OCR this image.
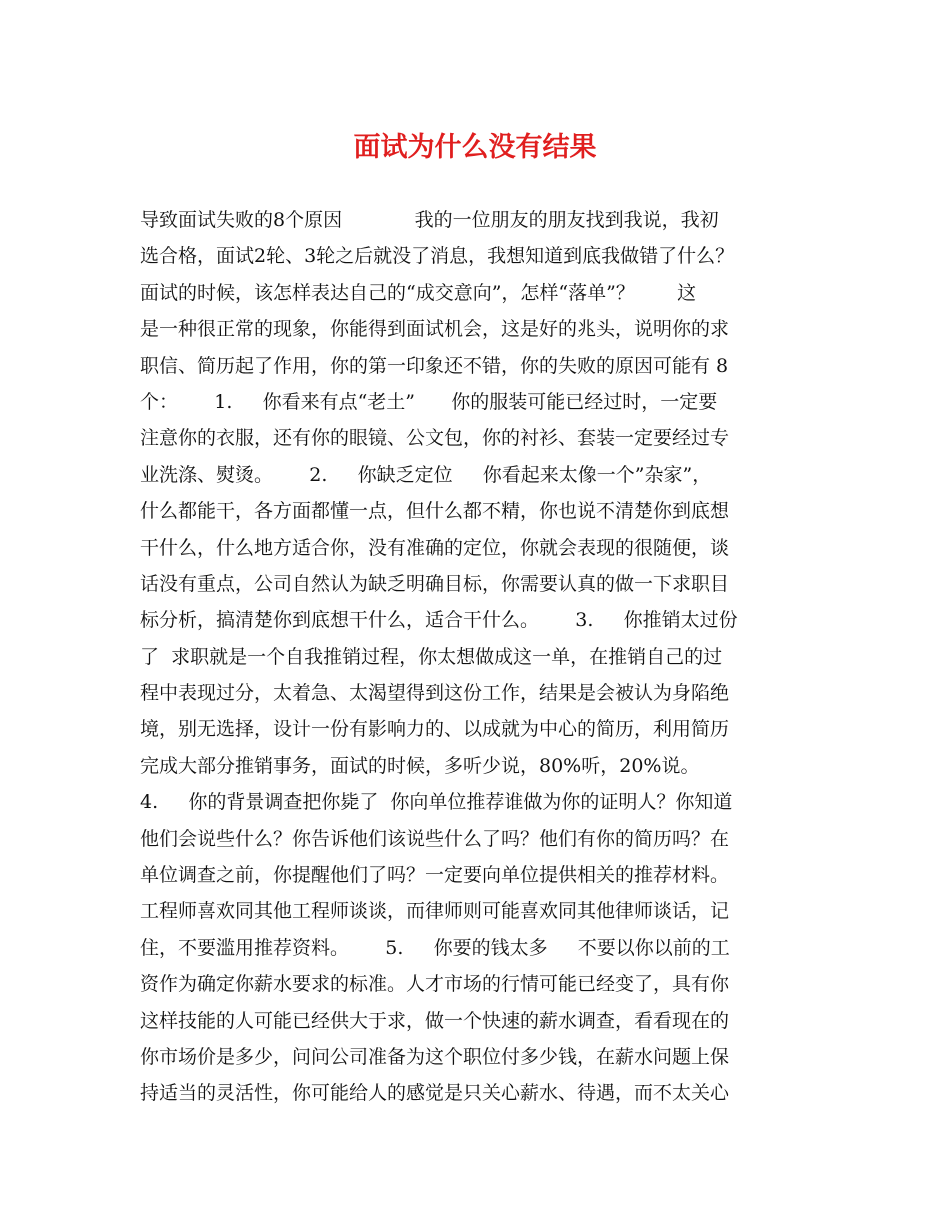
面试为什么没有结果
导致面试失败的8个原因            我的一位朋友的朋友找到我说，我初
选合格，面试2轮、3轮之后就没了消息，我想知道到底我做错了什么？
面试的时候，该怎样表达自己的“成交意向”，怎样“落单”？       这
是一种很正常的现象，你能得到面试机会，这是好的兆头，说明你的求
职信、简历起了作用，你的第一印象还不错，你的失败的原因可能有 8
个：      1.     你看来有点“老土”      你的服装可能已经过时，一定要
注意你的衣服，还有你的眼镜、公文包，你的衬衫、套装一定要经过专
业洗涤、熨烫。      2.     你缺乏定位     你看起来太像一个”杂家”，
什么都能干，各方面都懂一点，但什么都不精，你也说不清楚你到底想
干什么，什么地方适合你，没有准确的定位，你就会表现的很随便，谈
话没有重点，公司自然认为缺乏明确目标，你需要认真的做一下求职目
标分析，搞清楚你到底想干什么，适合干什么。      3.     你推销太过份
了  求职就是一个自我推销过程，你太想做成这一单，在推销自己的过
程中表现过分，太着急、太渴望得到这份工作，结果是会被认为身陷绝
境，别无选择，设计一份有影响力的、以成就为中心的简历，利用简历
完成大部分推销事务，面试的时候，多听少说，80%听，20%说。
4.     你的背景调查把你毙了  你向单位推荐谁做为你的证明人？你知道
他们会说些什么？你告诉他们该说些什么了吗？他们有你的简历吗？在
单位调查之前，你提醒他们了吗？一定要向单位提供相关的推荐材料。
工程师喜欢同其他工程师谈谈，而律师则可能喜欢同其他律师谈话，记
住，不要滥用推荐资料。      5.     你要的钱太多     不要以你以前的工
资作为确定你薪水要求的标准。人才市场的行情可能已经变了，具有你
这样技能的人可能已经供大于求，做一个快速的薪水调查，看看现在的
你市场价是多少，问问公司准备为这个职位付多少钱，在薪水问题上保
持适当的灵活性，你可能给人的感觉是只关心薪水、待遇，而不太关心
